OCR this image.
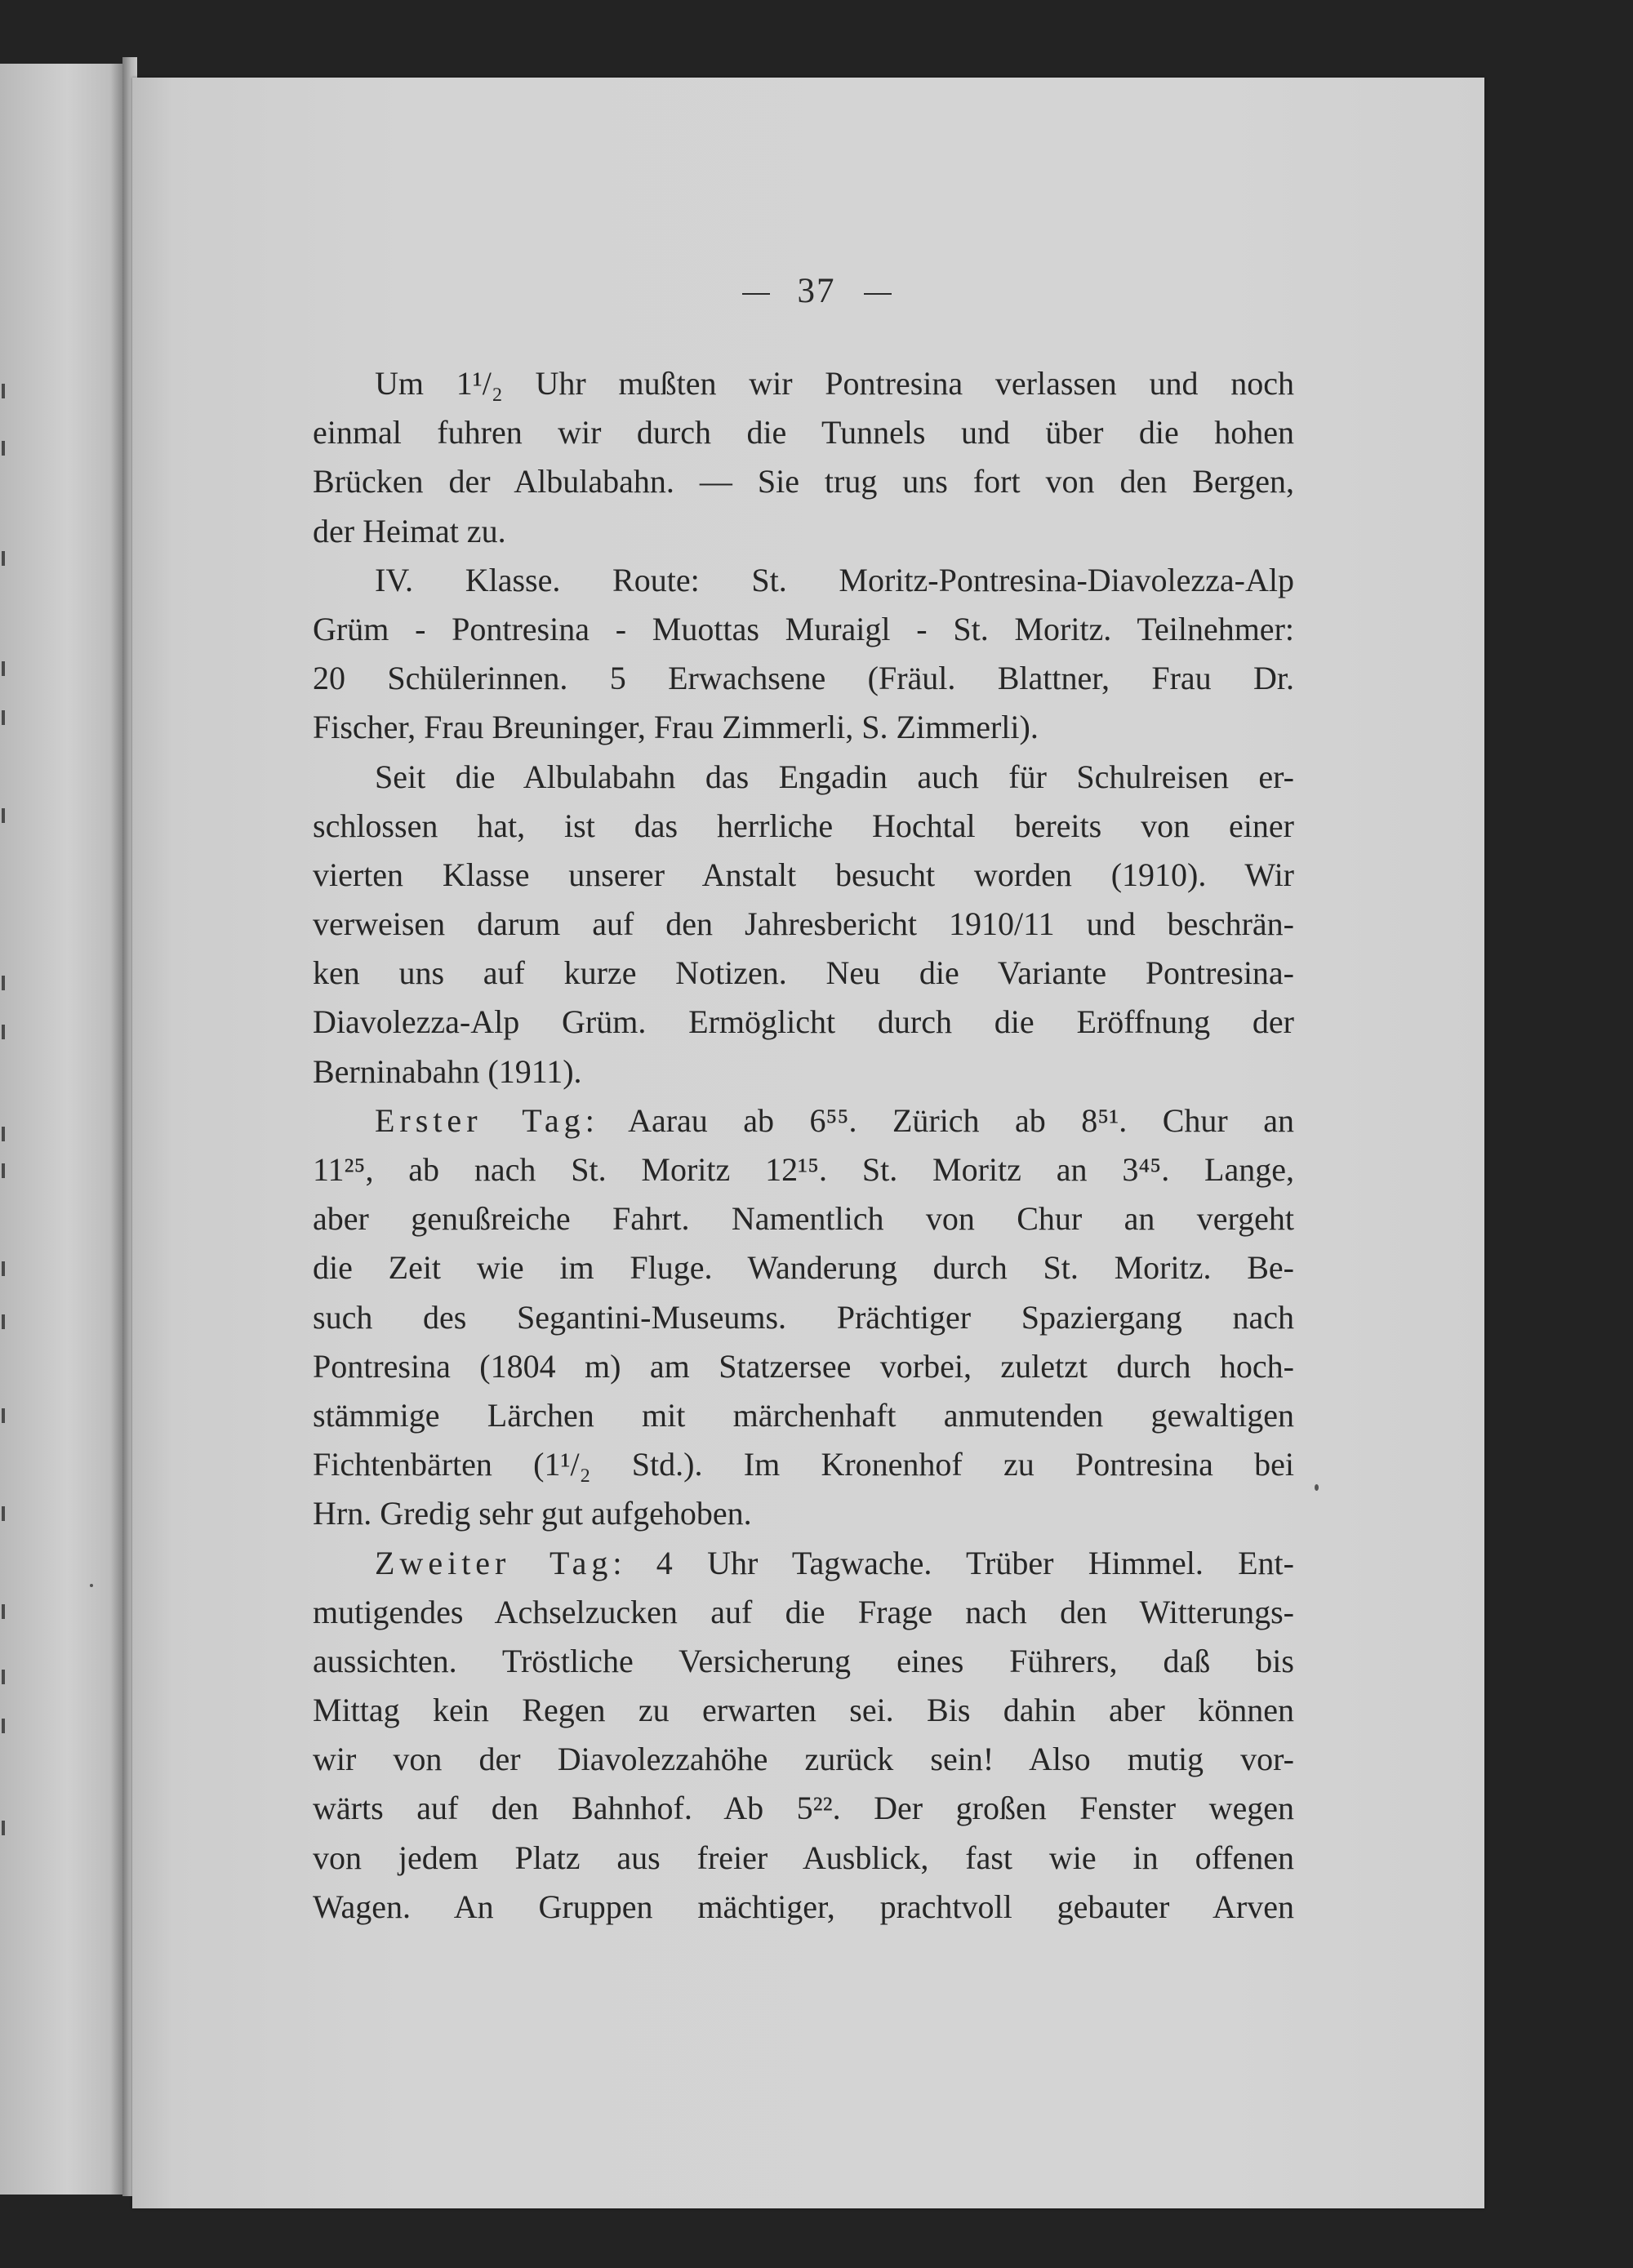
37
Um 1¹/₂ Uhr mußten wir Pontresina verlassen und noch
einmal fuhren wir durch die Tunnels und über die hohen
Brücken der Albulabahn. — Sie trug uns fort von den Bergen,
der Heimat zu.
IV. Klasse. Route: St. Moritz-Pontresina-Diavolezza-Alp
Grüm - Pontresina - Muottas Muraigl - St. Moritz. Teilnehmer:
20 Schülerinnen. 5 Erwachsene (Fräul. Blattner, Frau Dr.
Fischer, Frau Breuninger, Frau Zimmerli, S. Zimmerli).
Seit die Albulabahn das Engadin auch für Schulreisen er-
schlossen hat, ist das herrliche Hochtal bereits von einer
vierten Klasse unserer Anstalt besucht worden (1910). Wir
verweisen darum auf den Jahresbericht 1910/11 und beschrän-
ken uns auf kurze Notizen. Neu die Variante Pontresina-
Diavolezza-Alp Grüm. Ermöglicht durch die Eröffnung der
Berninabahn (1911).
Erster Tag: Aarau ab 6⁵⁵. Zürich ab 8⁵¹. Chur an
11²⁵, ab nach St. Moritz 12¹⁵. St. Moritz an 3⁴⁵. Lange,
aber genußreiche Fahrt. Namentlich von Chur an vergeht
die Zeit wie im Fluge. Wanderung durch St. Moritz. Be-
such des Segantini-Museums. Prächtiger Spaziergang nach
Pontresina (1804 m) am Statzersee vorbei, zuletzt durch hoch-
stämmige Lärchen mit märchenhaft anmutenden gewaltigen
Fichtenbärten (1¹/₂ Std.). Im Kronenhof zu Pontresina bei
Hrn. Gredig sehr gut aufgehoben.
Zweiter Tag: 4 Uhr Tagwache. Trüber Himmel. Ent-
mutigendes Achselzucken auf die Frage nach den Witterungs-
aussichten. Tröstliche Versicherung eines Führers, daß bis
Mittag kein Regen zu erwarten sei. Bis dahin aber können
wir von der Diavolezzahöhe zurück sein! Also mutig vor-
wärts auf den Bahnhof. Ab 5²². Der großen Fenster wegen
von jedem Platz aus freier Ausblick, fast wie in offenen
Wagen. An Gruppen mächtiger, prachtvoll gebauter Arven
